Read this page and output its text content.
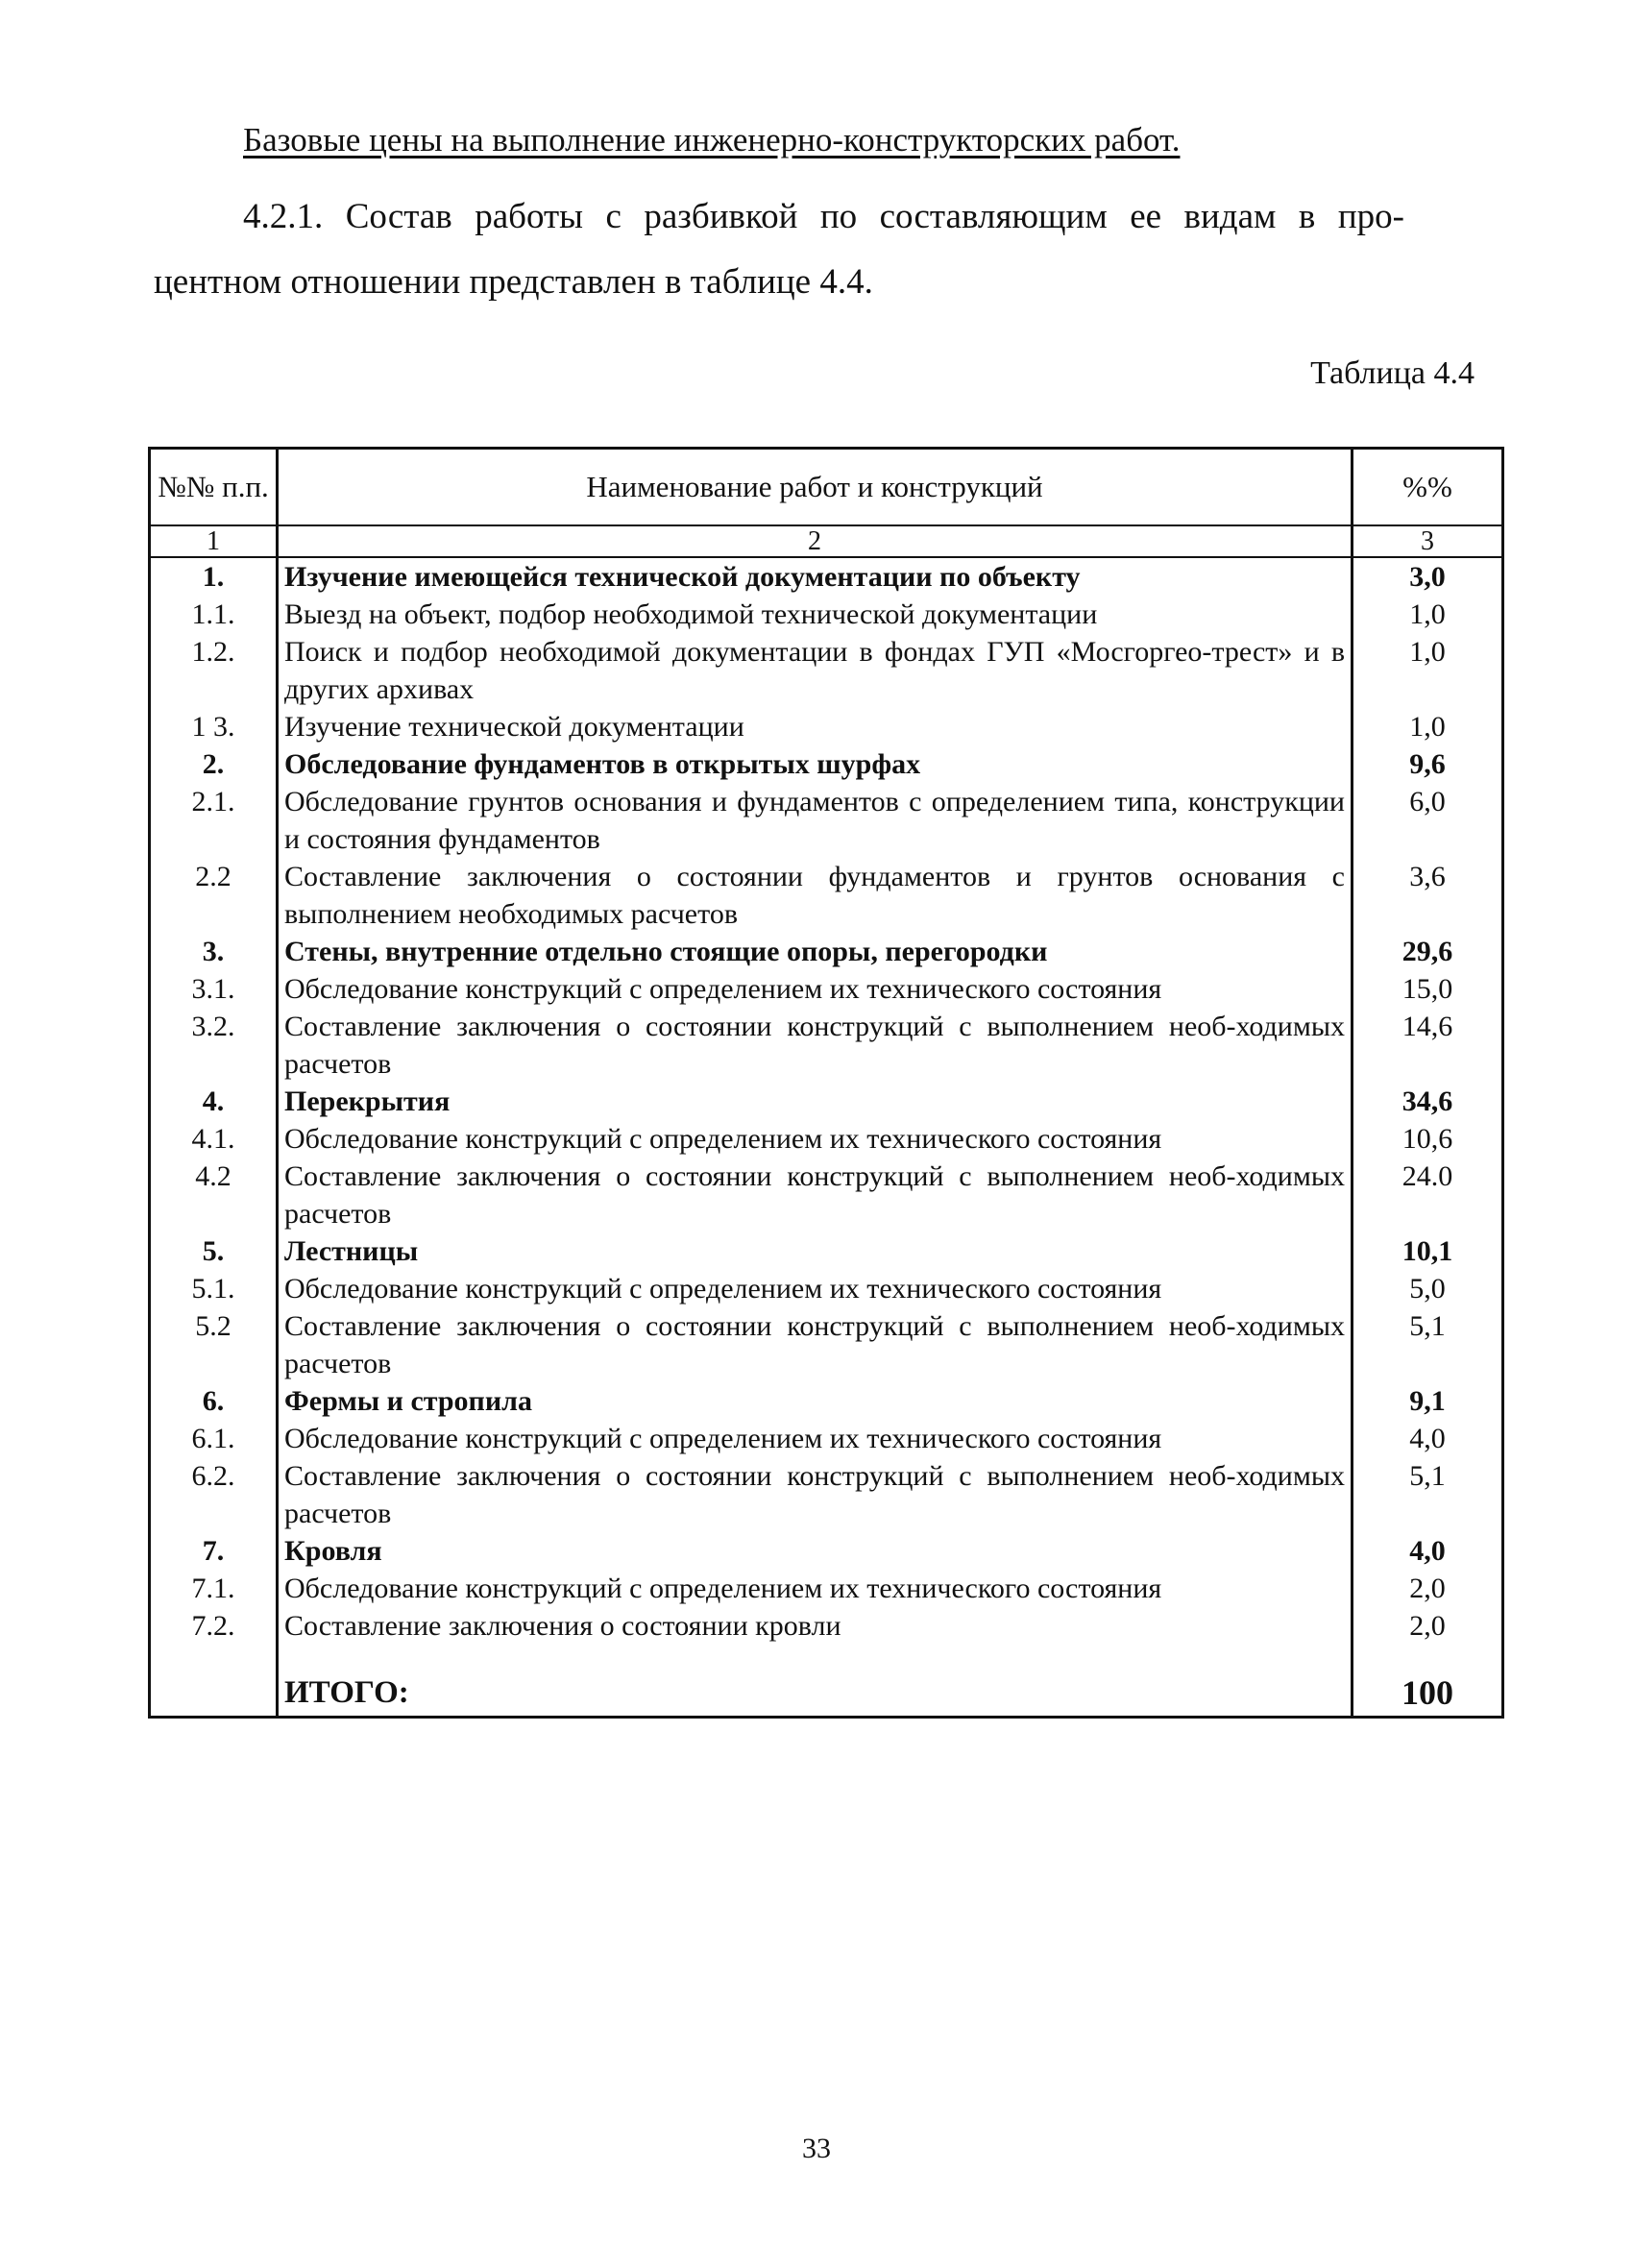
Базовые цены на выполнение инженерно-конструкторских работ.
4.2.1. Состав работы с разбивкой по составляющим ее видам в про-
центном отношении представлен в таблице 4.4.
Таблица 4.4
№№ п.п.	Наименование работ и конструкций	%%
1	2	3
1.	Изучение имеющейся технической документации по объекту	3,0
1.1.	Выезд на объект, подбор необходимой технической документации	1,0
1.2.	Поиск и подбор необходимой документации в фондах ГУП «Мосгоргео-трест» и в других архивах	1,0
1 3.	Изучение технической документации	1,0
2.	Обследование фундаментов в открытых шурфах	9,6
2.1.	Обследование грунтов основания и фундаментов с определением типа, конструкции и состояния фундаментов	6,0
2.2	Составление заключения о состоянии фундаментов и грунтов основания с выполнением необходимых расчетов	3,6
3.	Стены, внутренние отдельно стоящие опоры, перегородки	29,6
3.1.	Обследование конструкций с определением их технического состояния	15,0
3.2.	Составление заключения о состоянии конструкций с выполнением необ-ходимых расчетов	14,6
4.	Перекрытия	34,6
4.1.	Обследование конструкций с определением их технического состояния	10,6
4.2	Составление заключения о состоянии конструкций с выполнением необ-ходимых расчетов	24.0
5.	Лестницы	10,1
5.1.	Обследование конструкций с определением их технического состояния	5,0
5.2	Составление заключения о состоянии конструкций с выполнением необ-ходимых расчетов	5,1
6.	Фермы и стропила	9,1
6.1.	Обследование конструкций с определением их технического состояния	4,0
6.2.	Составление заключения о состоянии конструкций с выполнением необ-ходимых расчетов	5,1
7.	Кровля	4,0
7.1.	Обследование конструкций с определением их технического состояния	2,0
7.2.	Составление заключения о состоянии кровли	2,0
	ИТОГО:	100
33
